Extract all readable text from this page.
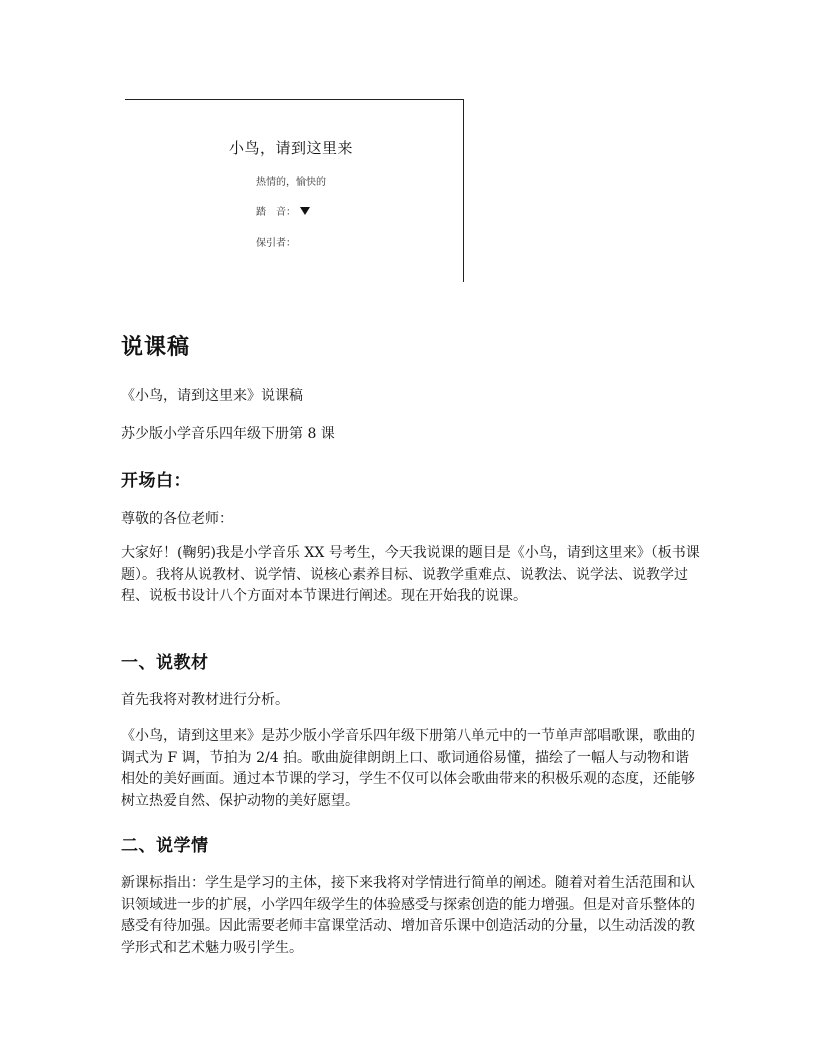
小鸟，请到这里来
热情的，愉快的
踏　音：
保引者：
说课稿

《小鸟，请到这里来》说课稿

苏少版小学音乐四年级下册第 8 课

开场白：

尊敬的各位老师：

大家好！(鞠躬)我是小学音乐 XX 号考生，今天我说课的题目是《小鸟，请到这里来》（板书课题）。我将从说教材、说学情、说核心素养目标、说教学重难点、说教法、说学法、说教学过程、说板书设计八个方面对本节课进行阐述。现在开始我的说课。

一、说教材

首先我将对教材进行分析。

《小鸟，请到这里来》是苏少版小学音乐四年级下册第八单元中的一节单声部唱歌课，歌曲的调式为 F 调，节拍为 2/4 拍。歌曲旋律朗朗上口、歌词通俗易懂，描绘了一幅人与动物和谐相处的美好画面。通过本节课的学习，学生不仅可以体会歌曲带来的积极乐观的态度，还能够树立热爱自然、保护动物的美好愿望。

二、说学情

新课标指出：学生是学习的主体，接下来我将对学情进行简单的阐述。随着对着生活范围和认识领域进一步的扩展，小学四年级学生的体验感受与探索创造的能力增强。但是对音乐整体的感受有待加强。因此需要老师丰富课堂活动、增加音乐课中创造活动的分量，以生动活泼的教学形式和艺术魅力吸引学生。
